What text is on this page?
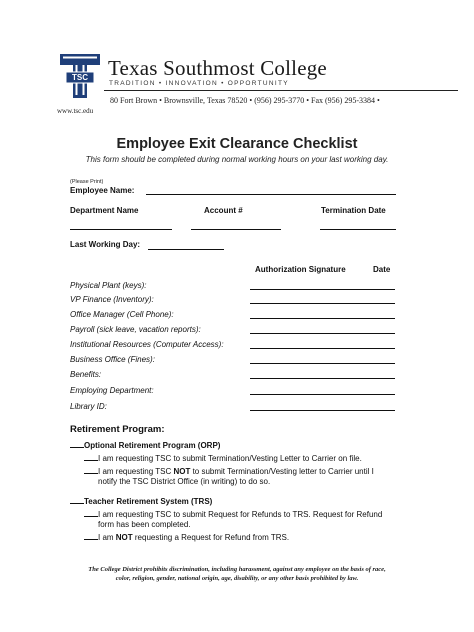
TSC Texas Southmost College
TRADITION • INNOVATION • OPPORTUNITY
80 Fort Brown • Brownsville, Texas 78520 • (956) 295-3770 • Fax (956) 295-3384 •
www.tsc.edu
Employee Exit Clearance Checklist
This form should be completed during normal working hours on your last working day.
(Please Print)
Employee Name:
Department Name	Account #	Termination Date
Last Working Day:
Authorization Signature	Date
Physical Plant (keys):
VP Finance (Inventory):
Office Manager (Cell Phone):
Payroll (sick leave, vacation reports):
Institutional Resources (Computer Access):
Business Office (Fines):
Benefits:
Employing Department:
Library ID:
Retirement Program:
Optional Retirement Program (ORP)
I am requesting TSC to submit Termination/Vesting Letter to Carrier on file.
I am requesting TSC NOT to submit Termination/Vesting letter to Carrier until I
notify the TSC District Office (in writing) to do so.
Teacher Retirement System (TRS)
I am requesting TSC to submit Request for Refunds to TRS. Request for Refund
form has been completed.
I am NOT requesting a Request for Refund from TRS.
The College District prohibits discrimination, including harassment, against any employee on the basis of race,
color, religion, gender, national origin, age, disability, or any other basis prohibited by law.
